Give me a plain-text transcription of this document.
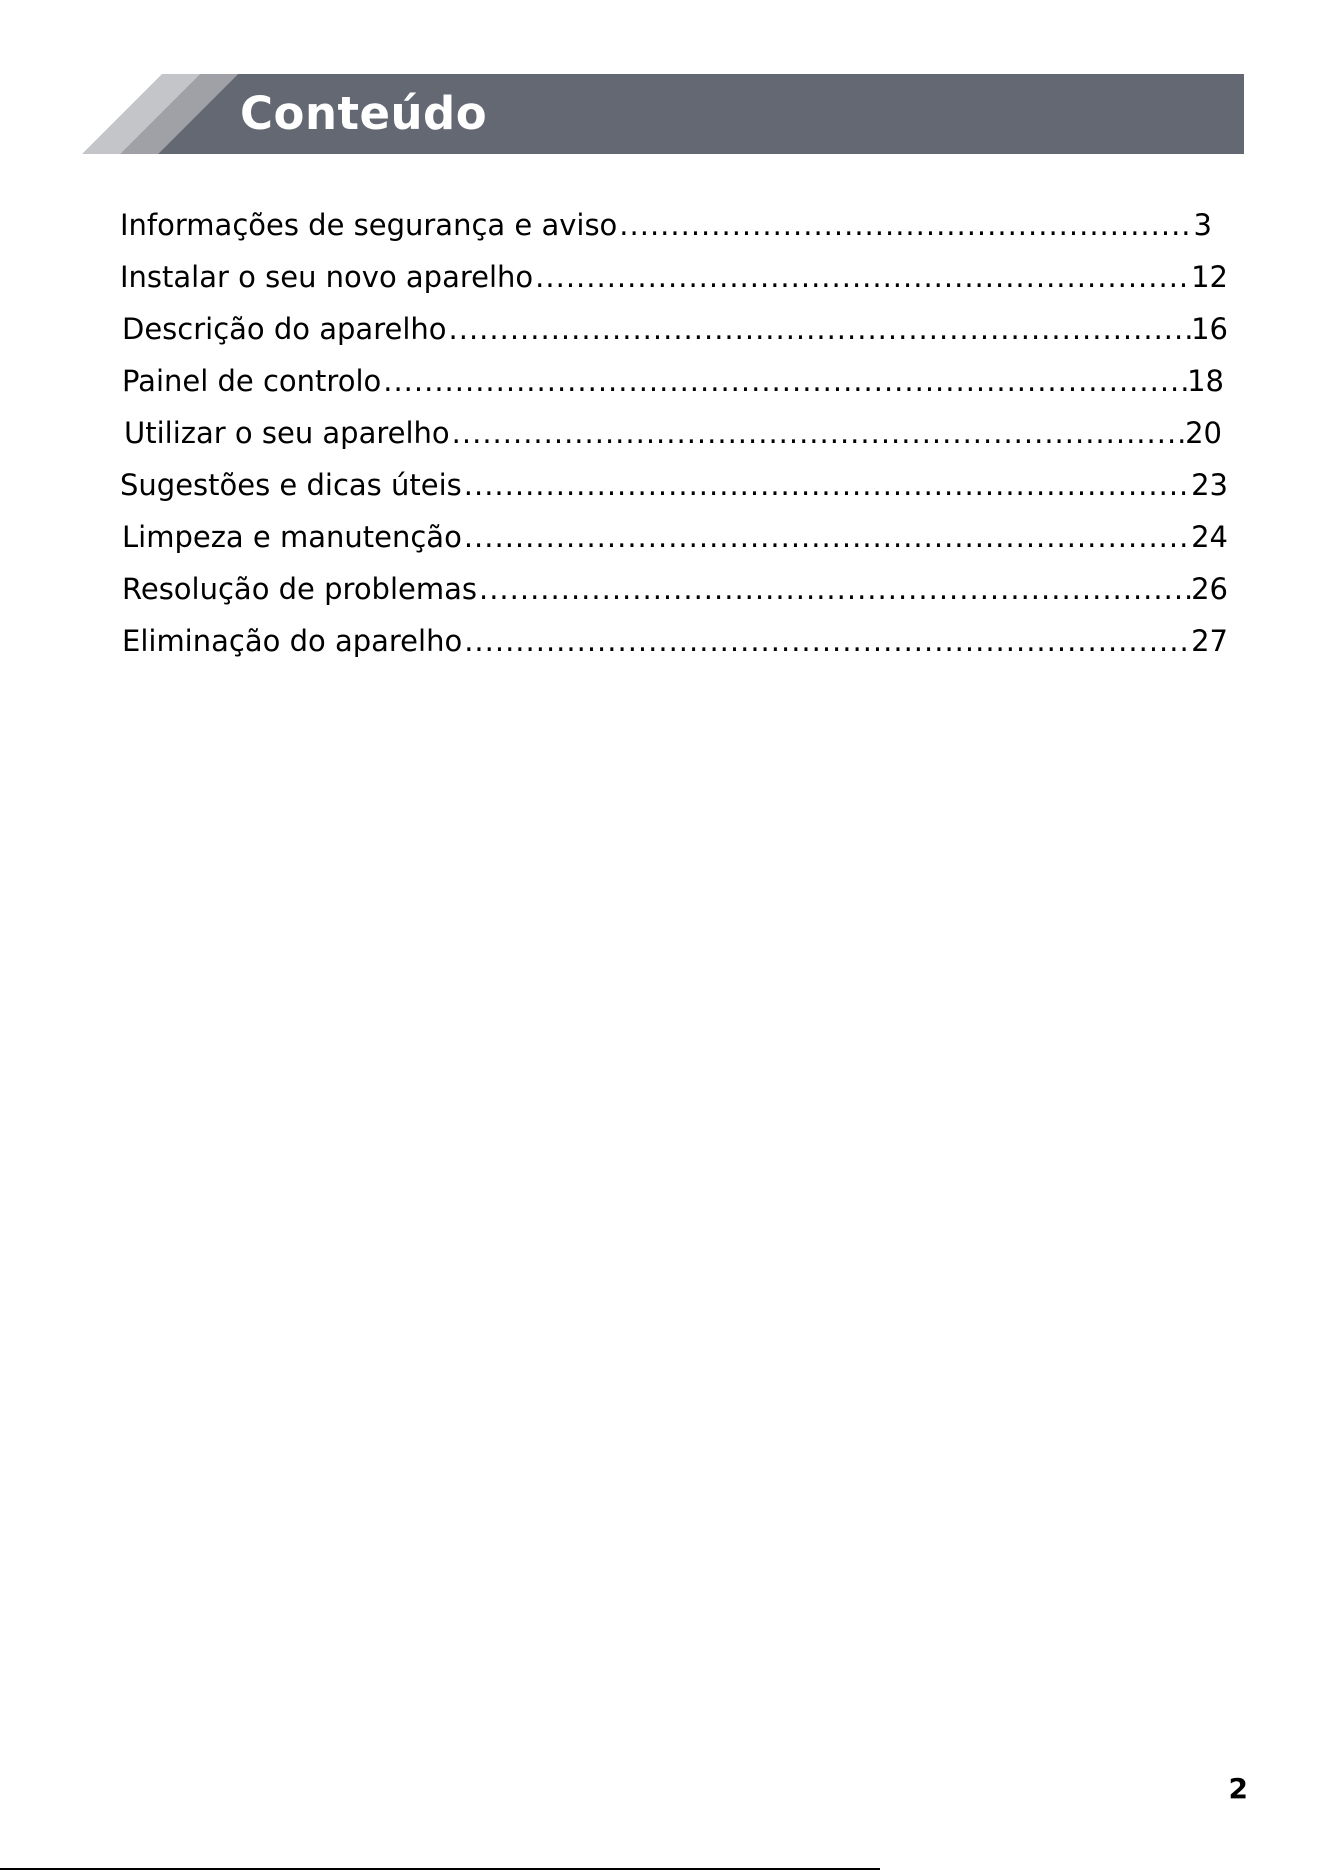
Conteúdo
Informações de segurança e aviso .....	3
Instalar o seu novo aparelho .....	12
Descrição do aparelho .....	16
Painel de controlo .....	18
Utilizar o seu aparelho .....	20
Sugestões e dicas úteis .....	23
Limpeza e manutenção .....	24
Resolução de problemas .....	26
Eliminação do aparelho .....	27
2
